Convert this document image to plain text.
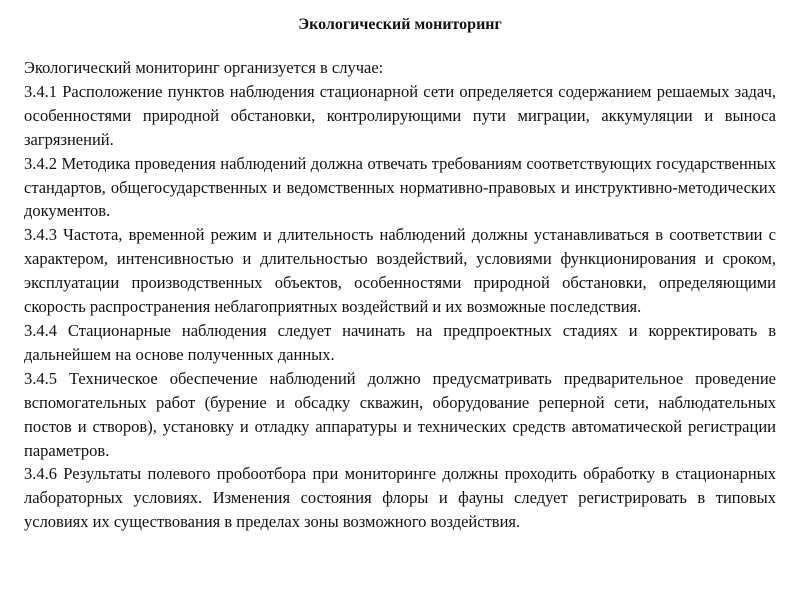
Экологический мониторинг

Экологический мониторинг организуется в случае:

3.4.1 Расположение пунктов наблюдения стационарной сети определяется содержанием решаемых задач, особенностями природной обстановки, контролирующими пути миграции, аккумуляции и выноса загрязнений.

3.4.2 Методика проведения наблюдений должна отвечать требованиям соответствующих государственных стандартов, общегосударственных и ведомственных нормативно-правовых и инструктивно-методических документов.

3.4.3 Частота, временной режим и длительность наблюдений должны устанавливаться в соответствии с характером, интенсивностью и длительностью воздействий, условиями функционирования и сроком, эксплуатации производственных объектов, особенностями природной обстановки, определяющими скорость распространения неблагоприятных воздействий и их возможные последствия.

3.4.4 Стационарные наблюдения следует начинать на предпроектных стадиях и корректировать в дальнейшем на основе полученных данных.

3.4.5 Техническое обеспечение наблюдений должно предусматривать предварительное проведение вспомогательных работ (бурение и обсадку скважин, оборудование реперной сети, наблюдательных постов и створов), установку и отладку аппаратуры и технических средств автоматической регистрации параметров.

3.4.6 Результаты полевого пробоотбора при мониторинге должны проходить обработку в стационарных лабораторных условиях. Изменения состояния флоры и фауны следует регистрировать в типовых условиях их существования в пределах зоны возможного воздействия.
